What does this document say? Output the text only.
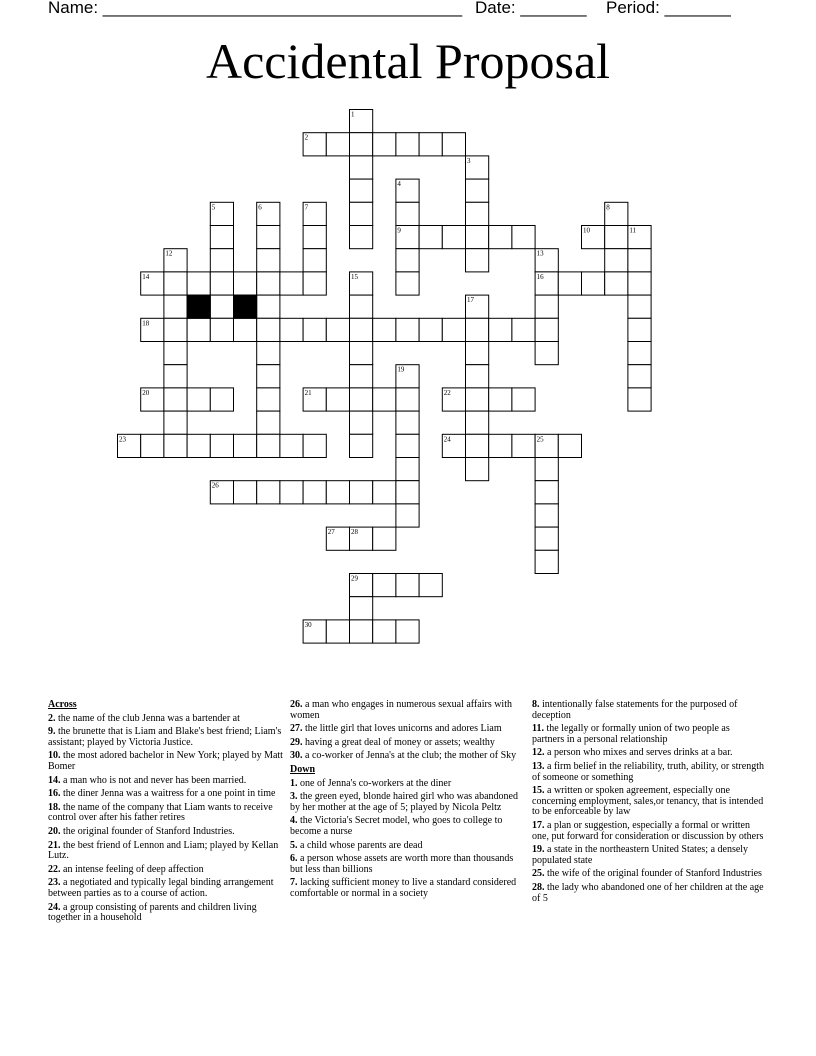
Name: ______________________________________ Date: _______ Period: _______
Accidental Proposal
1
2
3
4
5	6	7	8
9	10	11
12	13
14	15	16
17
18
19
20	21	22
23	24	25
26
27 28
29
30
Across
2. the name of the club Jenna was a bartender at
9. the brunette that is Liam and Blake's best friend; Liam's assistant; played by Victoria Justice.
10. the most adored bachelor in New York; played by Matt Bomer
14. a man who is not and never has been married.
16. the diner Jenna was a waitress for a one point in time
18. the name of the company that Liam wants to receive control over after his father retires
20. the original founder of Stanford Industries.
21. the best friend of Lennon and Liam; played by Kellan Lutz.
22. an intense feeling of deep affection
23. a negotiated and typically legal binding arrangement between parties as to a course of action.
24. a group consisting of parents and children living together in a household
26. a man who engages in numerous sexual affairs with women
27. the little girl that loves unicorns and adores Liam
29. having a great deal of money or assets; wealthy
30. a co-worker of Jenna's at the club; the mother of Sky
Down
1. one of Jenna's co-workers at the diner
3. the green eyed, blonde haired girl who was abandoned by her mother at the age of 5; played by Nicola Peltz
4. the Victoria's Secret model, who goes to college to become a nurse
5. a child whose parents are dead
6. a person whose assets are worth more than thousands but less than billions
7. lacking sufficient money to live a standard considered comfortable or normal in a society
8. intentionally false statements for the purposed of deception
11. the legally or formally union of two people as partners in a personal relationship
12. a person who mixes and serves drinks at a bar.
13. a firm belief in the reliability, truth, ability, or strength of someone or something
15. a written or spoken agreement, especially one concerning employment, sales,or tenancy, that is intended to be enforceable by law
17. a plan or suggestion, especially a formal or written one, put forward for consideration or discussion by others
19. a state in the northeastern United States; a densely populated state
25. the wife of the original founder of Stanford Industries
28. the lady who abandoned one of her children at the age of 5
